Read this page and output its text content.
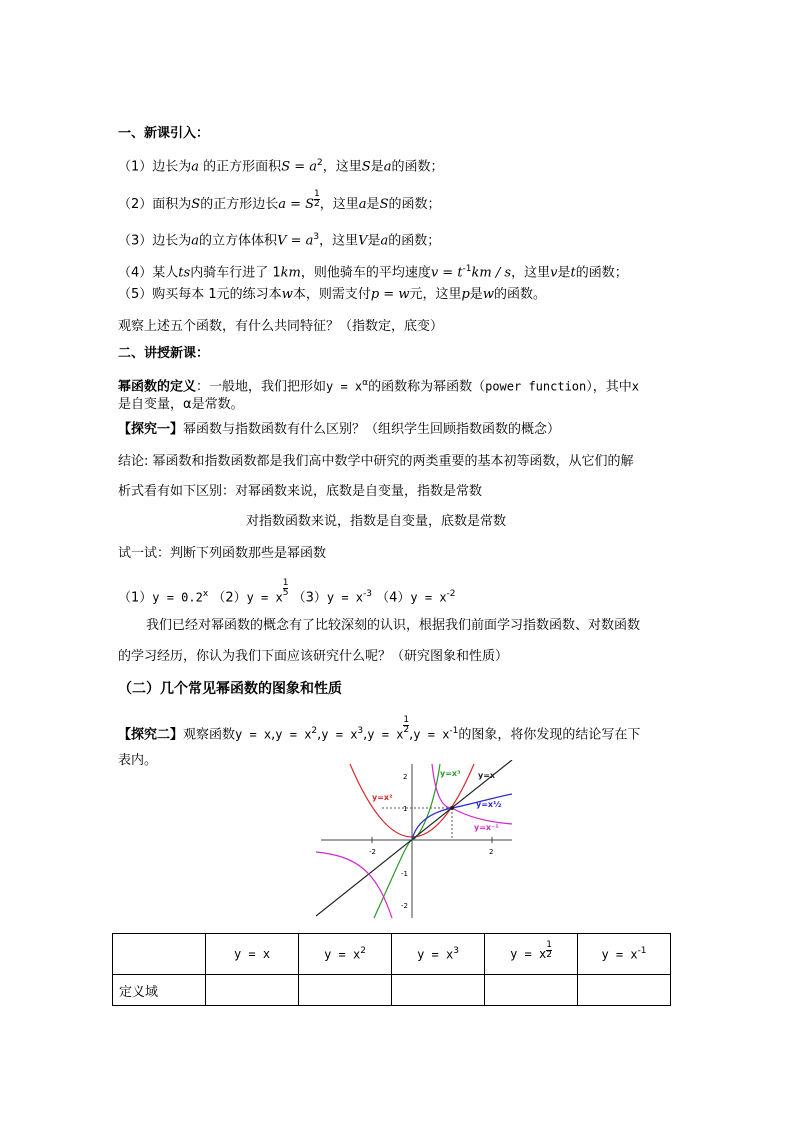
一、新课引入：
（1）边长为a 的正方形面积$S = a^2$，这里S是a的函数；
（2）面积为S的正方形边长a = S $\frac{1}{2}$ ，这里a是S的函数；
（3）边长为a的立方体体积$V = a^3$，这里V是a的函数；
（4）某人ts内骑车行进了 1km，则他骑车的平均速度$v = t^{-1}km / s$，这里v是t的函数；
（5）购买每本 1元的练习本w本，则需支付p = w元，这里p是w的函数。
观察上述五个函数，有什么共同特征？（指数定，底变）
二、讲授新课：
幂函数的定义：一般地，我们把形如$y = x^\alpha$的函数称为幂函数（power function），其中x
是自变量，α是常数。
【探究一】幂函数与指数函数有什么区别？（组织学生回顾指数函数的概念）
结论: 幂函数和指数函数都是我们高中数学中研究的两类重要的基本初等函数，从它们的解
析式看有如下区别：对幂函数来说，底数是自变量，指数是常数
对指数函数来说，指数是自变量，底数是常数
试一试：判断下列函数那些是幂函数
$(1)y = 0.2^x$ （2）y = x $\frac{1}{5} (3)y = x^{-3}$ $(4)y = x^{-2}$
我们已经对幂函数的概念有了比较深刻的认识，根据我们前面学习指数函数、对数函数
的学习经历，你认为我们下面应该研究什么呢？（研究图象和性质）
（二）几个常见幂函数的图象和性质
【探究二】观察函数$y = x,y = x^2,y = x^3,y = x \frac{1}{2} ,y = x^{-1}$的图象，将你发现的结论写在下
表内。
-2	2
2
1
-1
-2
y=x²
y=x³ y=x
y=x½
y=x⁻¹
	y = x	$y = x^2$	$y = x^3$	y = x $\frac{1}{2}$	$y = x^{-1}$
定义域					
